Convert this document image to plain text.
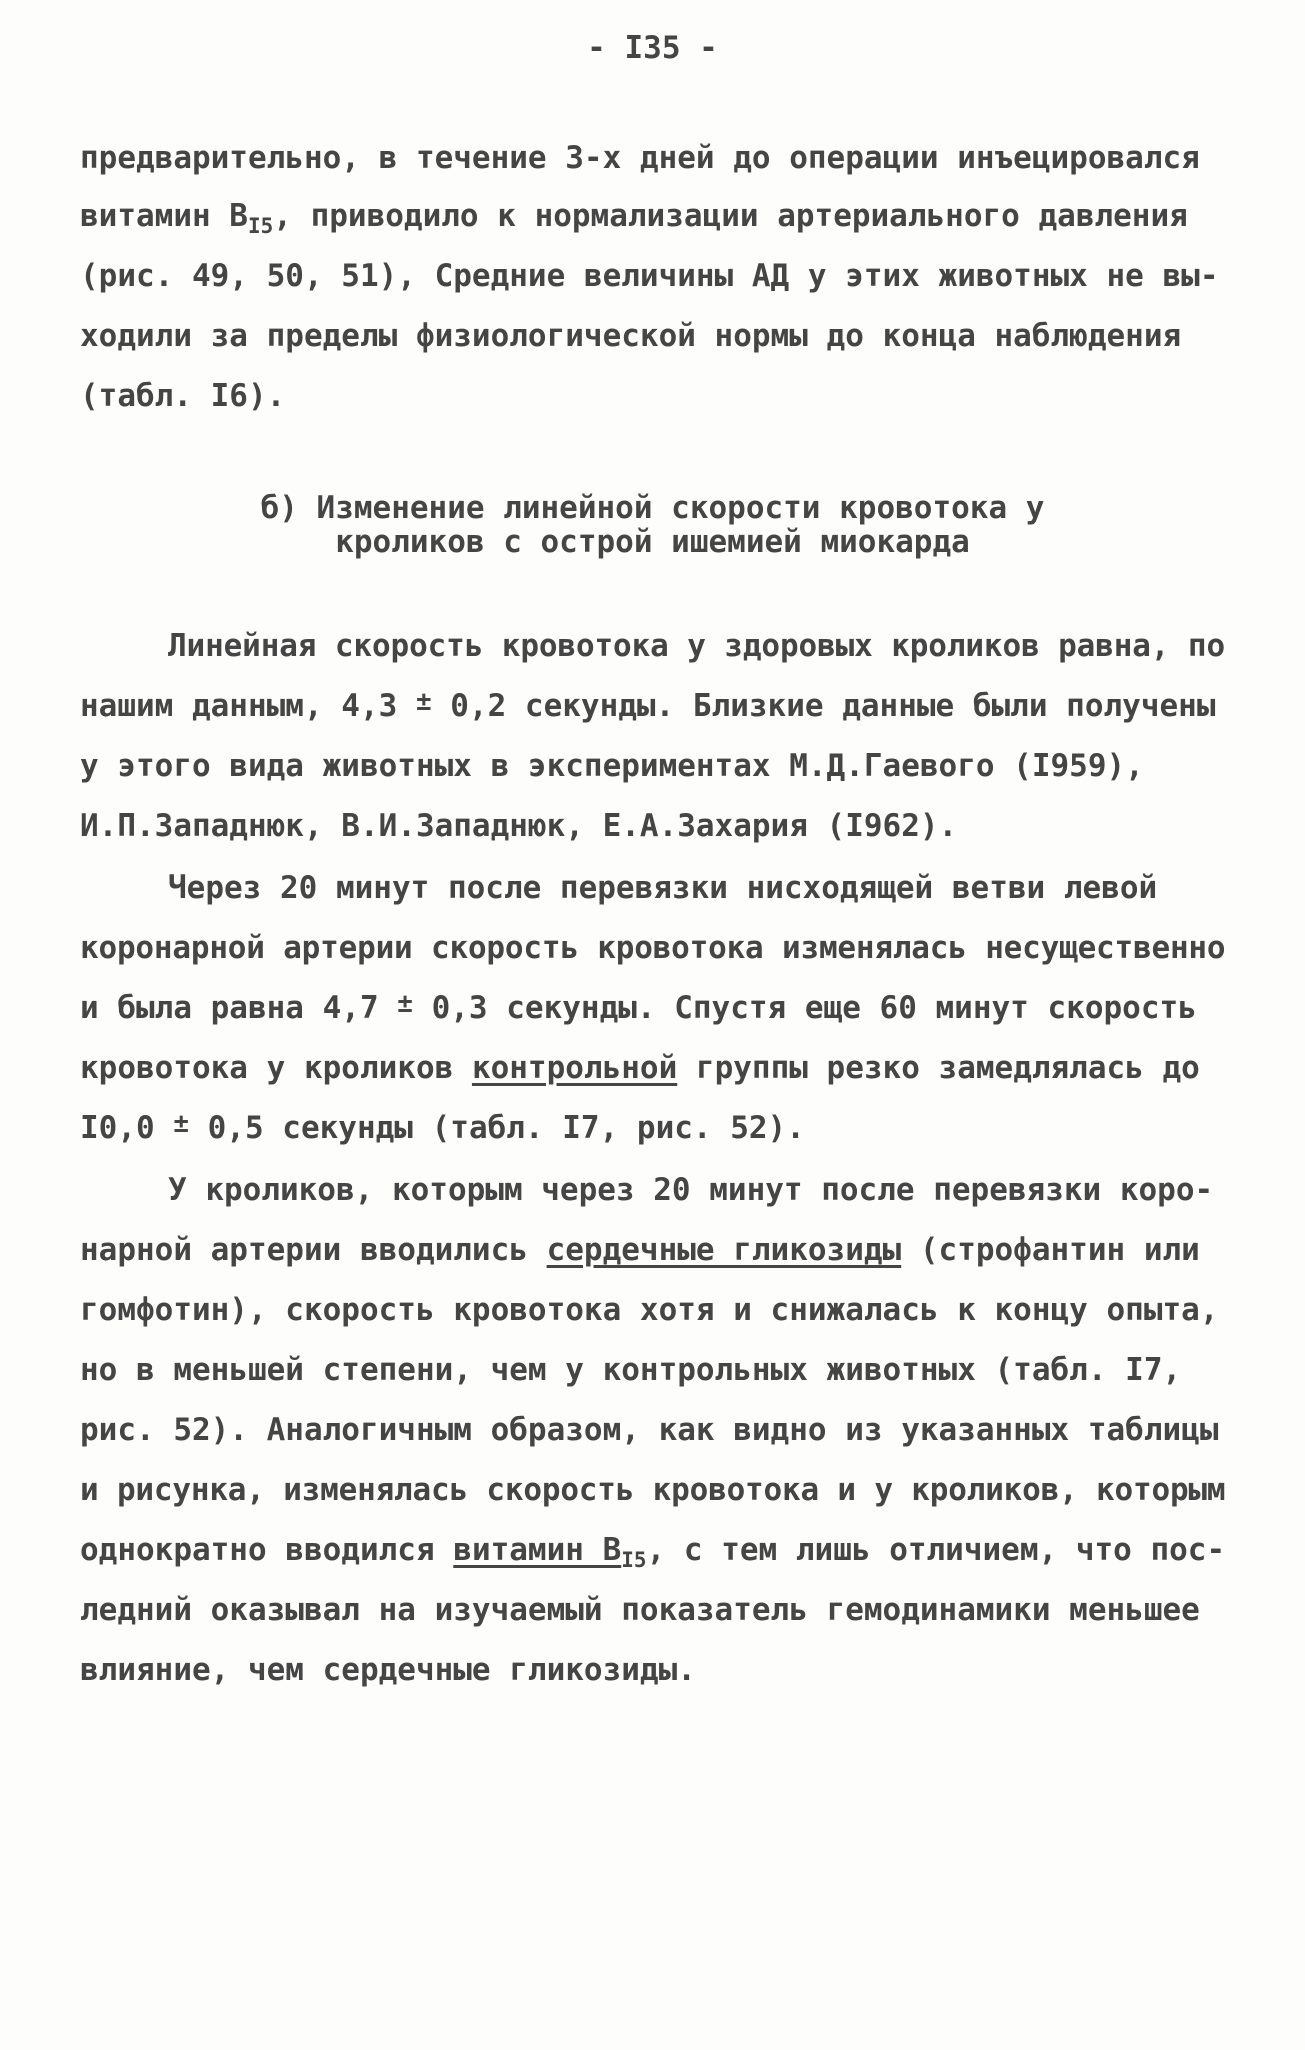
- I35 -
предварительно, в течение 3-х дней до операции инъецировался
витамин $B_{I5}$, приводило к нормализации артериального давления
(рис. 49, 50, 51), Средние величины АД у этих животных не вы-
ходили за пределы физиологической нормы до конца наблюдения
(табл. I6).
б) Изменение линейной скорости кровотока у
кроликов с острой ишемией миокарда
Линейная скорость кровотока у здоровых кроликов равна, по
нашим данным, 4,3 ± 0,2 секунды. Близкие данные были получены
у этого вида животных в экспериментах М.Д.Гаевого (I959),
И.П.Западнюк, В.И.Западнюк, Е.А.Захария (I962).
Через 20 минут после перевязки нисходящей ветви левой
коронарной артерии скорость кровотока изменялась несущественно
и была равна 4,7 ± 0,3 секунды. Спустя еще 60 минут скорость
кровотока у кроликов контрольной группы резко замедлялась до
I0,0 ± 0,5 секунды (табл. I7, рис. 52).
У кроликов, которым через 20 минут после перевязки коро-
нарной артерии вводились сердечные гликозиды (строфантин или
гомфотин), скорость кровотока хотя и снижалась к концу опыта,
но в меньшей степени, чем у контрольных животных (табл. I7,
рис. 52). Аналогичным образом, как видно из указанных таблицы
и рисунка, изменялась скорость кровотока и у кроликов, которым
однократно вводился витамин $B_{I5}$, с тем лишь отличием, что пос-
ледний оказывал на изучаемый показатель гемодинамики меньшее
влияние, чем сердечные гликозиды.
